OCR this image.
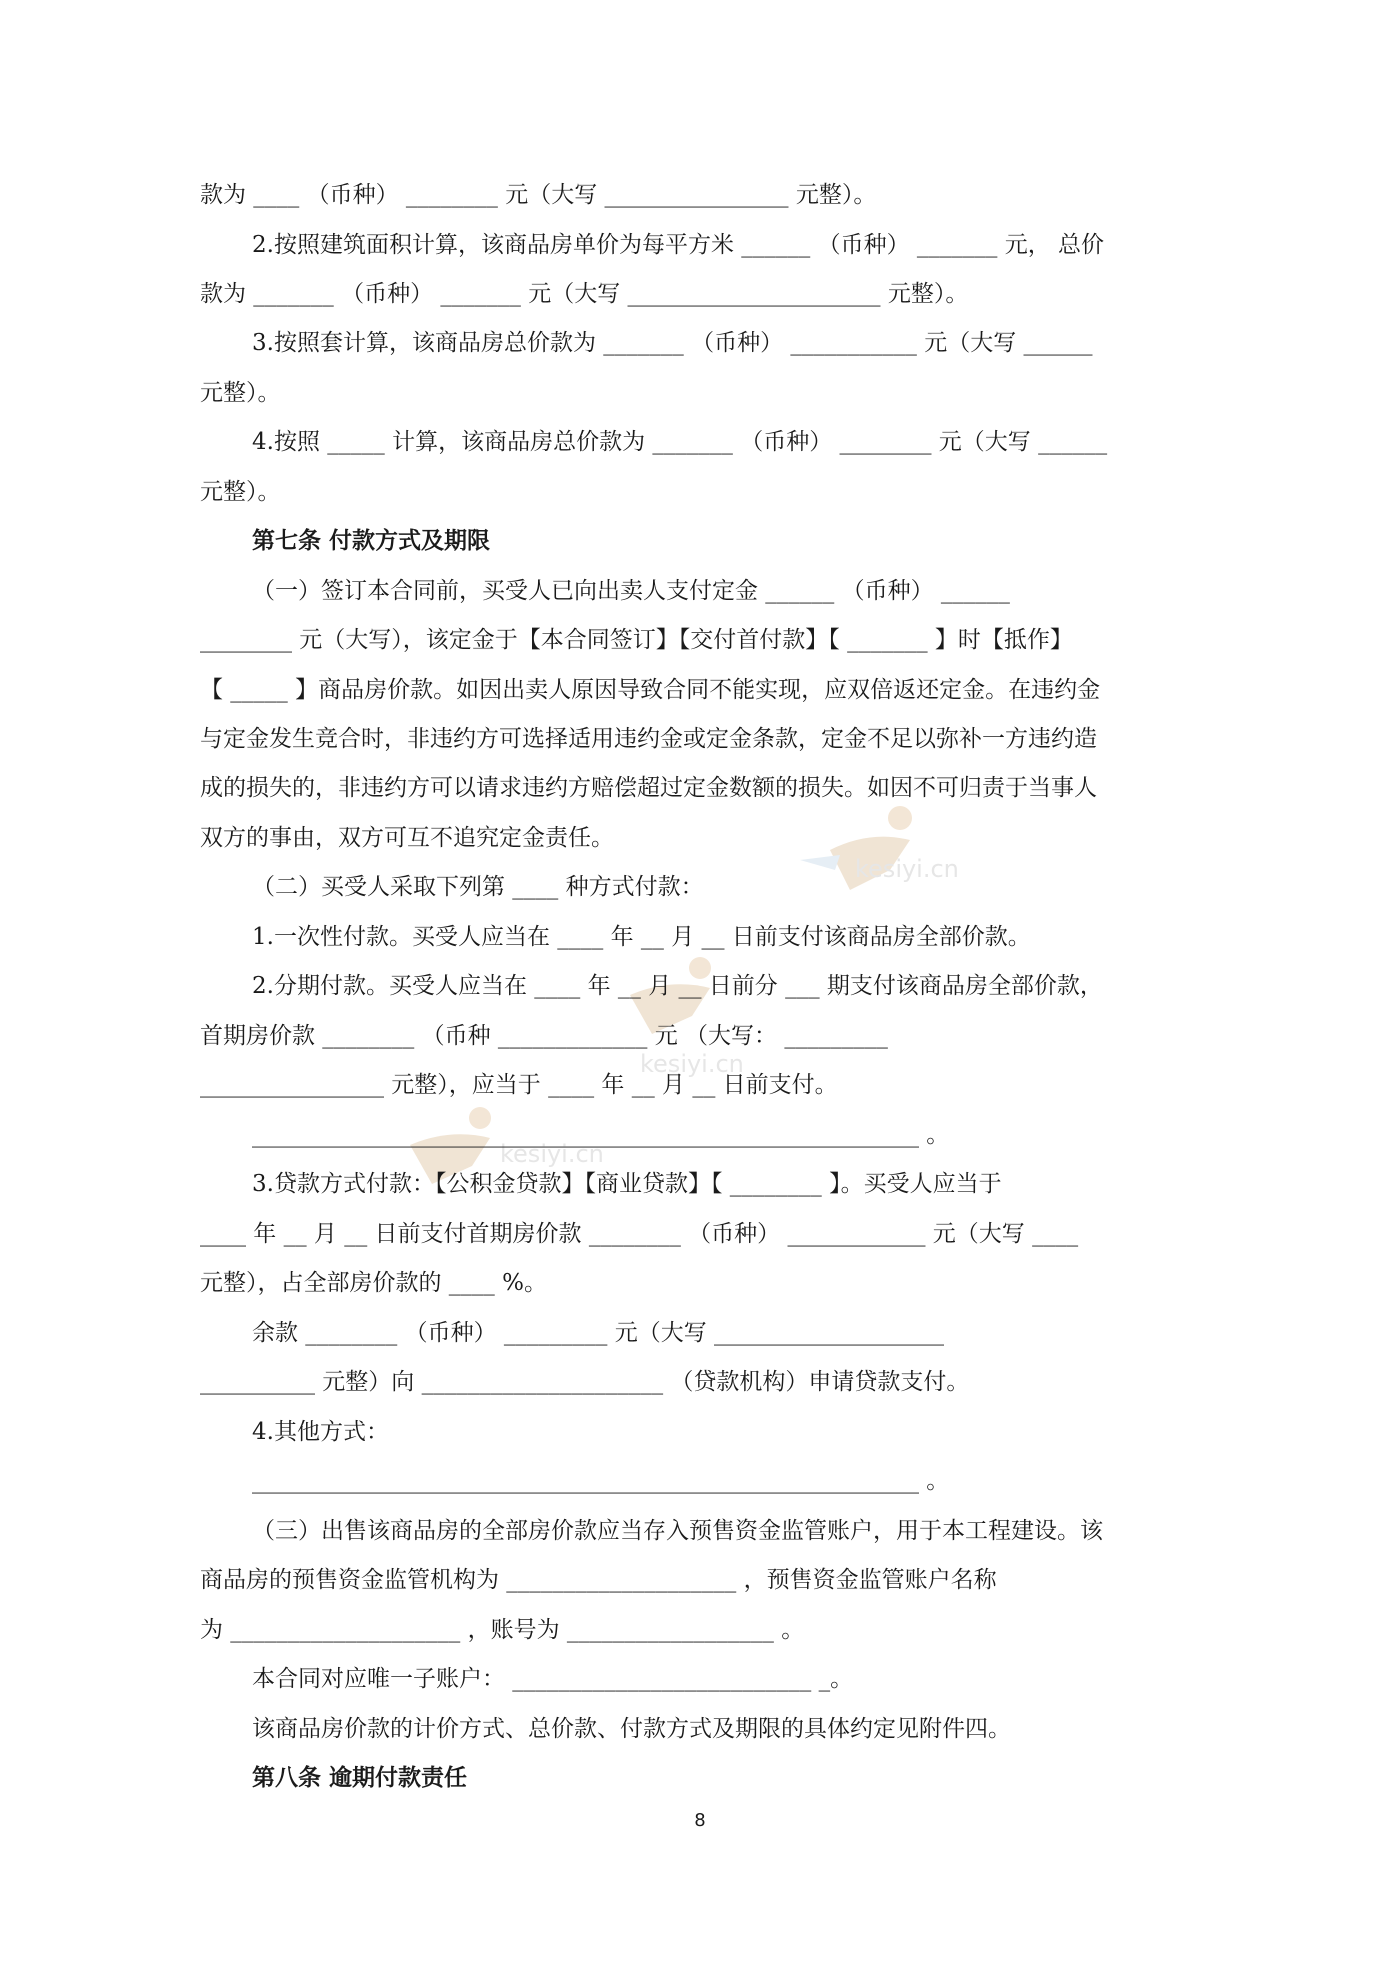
kesiyi.cn
kesiyi.cn
kesiyi.cn
款为 ____ （币种） ________ 元（大写 ________________ 元整）。
2.按照建筑面积计算，该商品房单价为每平方米 ______ （币种） _______ 元， 总价
款为 _______ （币种） _______ 元（大写 ______________________ 元整）。
3.按照套计算，该商品房总价款为 _______ （币种） ___________ 元（大写 ______
元整）。
4.按照 _____ 计算，该商品房总价款为 _______ （币种） ________ 元（大写 ______
元整）。
第七条 付款方式及期限
（一）签订本合同前，买受人已向出卖人支付定金 ______ （币种） ______
________ 元（大写），该定金于【本合同签订】【交付首付款】【 _______ 】时【抵作】
【 _____ 】商品房价款。如因出卖人原因导致合同不能实现，应双倍返还定金。在违约金
与定金发生竞合时，非违约方可选择适用违约金或定金条款，定金不足以弥补一方违约造
成的损失的，非违约方可以请求违约方赔偿超过定金数额的损失。如因不可归责于当事人
双方的事由，双方可互不追究定金责任。
（二）买受人采取下列第 ____ 种方式付款：
1.一次性付款。买受人应当在 ____ 年 __ 月 __ 日前支付该商品房全部价款。
2.分期付款。买受人应当在 ____ 年 __ 月 __ 日前分 ___ 期支付该商品房全部价款，
首期房价款 ________ （币种 _____________ 元 （大写： _________
________________ 元整），应当于 ____ 年 __ 月 __ 日前支付。
__________________________________________________________ 。
3.贷款方式付款：【公积金贷款】【商业贷款】【 ________ 】。买受人应当于
____ 年 __ 月 __ 日前支付首期房价款 ________ （币种） ____________ 元（大写 ____
元整），占全部房价款的 ____ %。
余款 ________ （币种） _________ 元（大写 ____________________
__________ 元整）向 _____________________ （贷款机构）申请贷款支付。
4.其他方式：
__________________________________________________________ 。
（三）出售该商品房的全部房价款应当存入预售资金监管账户，用于本工程建设。该
商品房的预售资金监管机构为 ____________________ ，预售资金监管账户名称
为 ____________________ ，账号为 __________________ 。
本合同对应唯一子账户： __________________________ _。
该商品房价款的计价方式、总价款、付款方式及期限的具体约定见附件四。
第八条 逾期付款责任
8
